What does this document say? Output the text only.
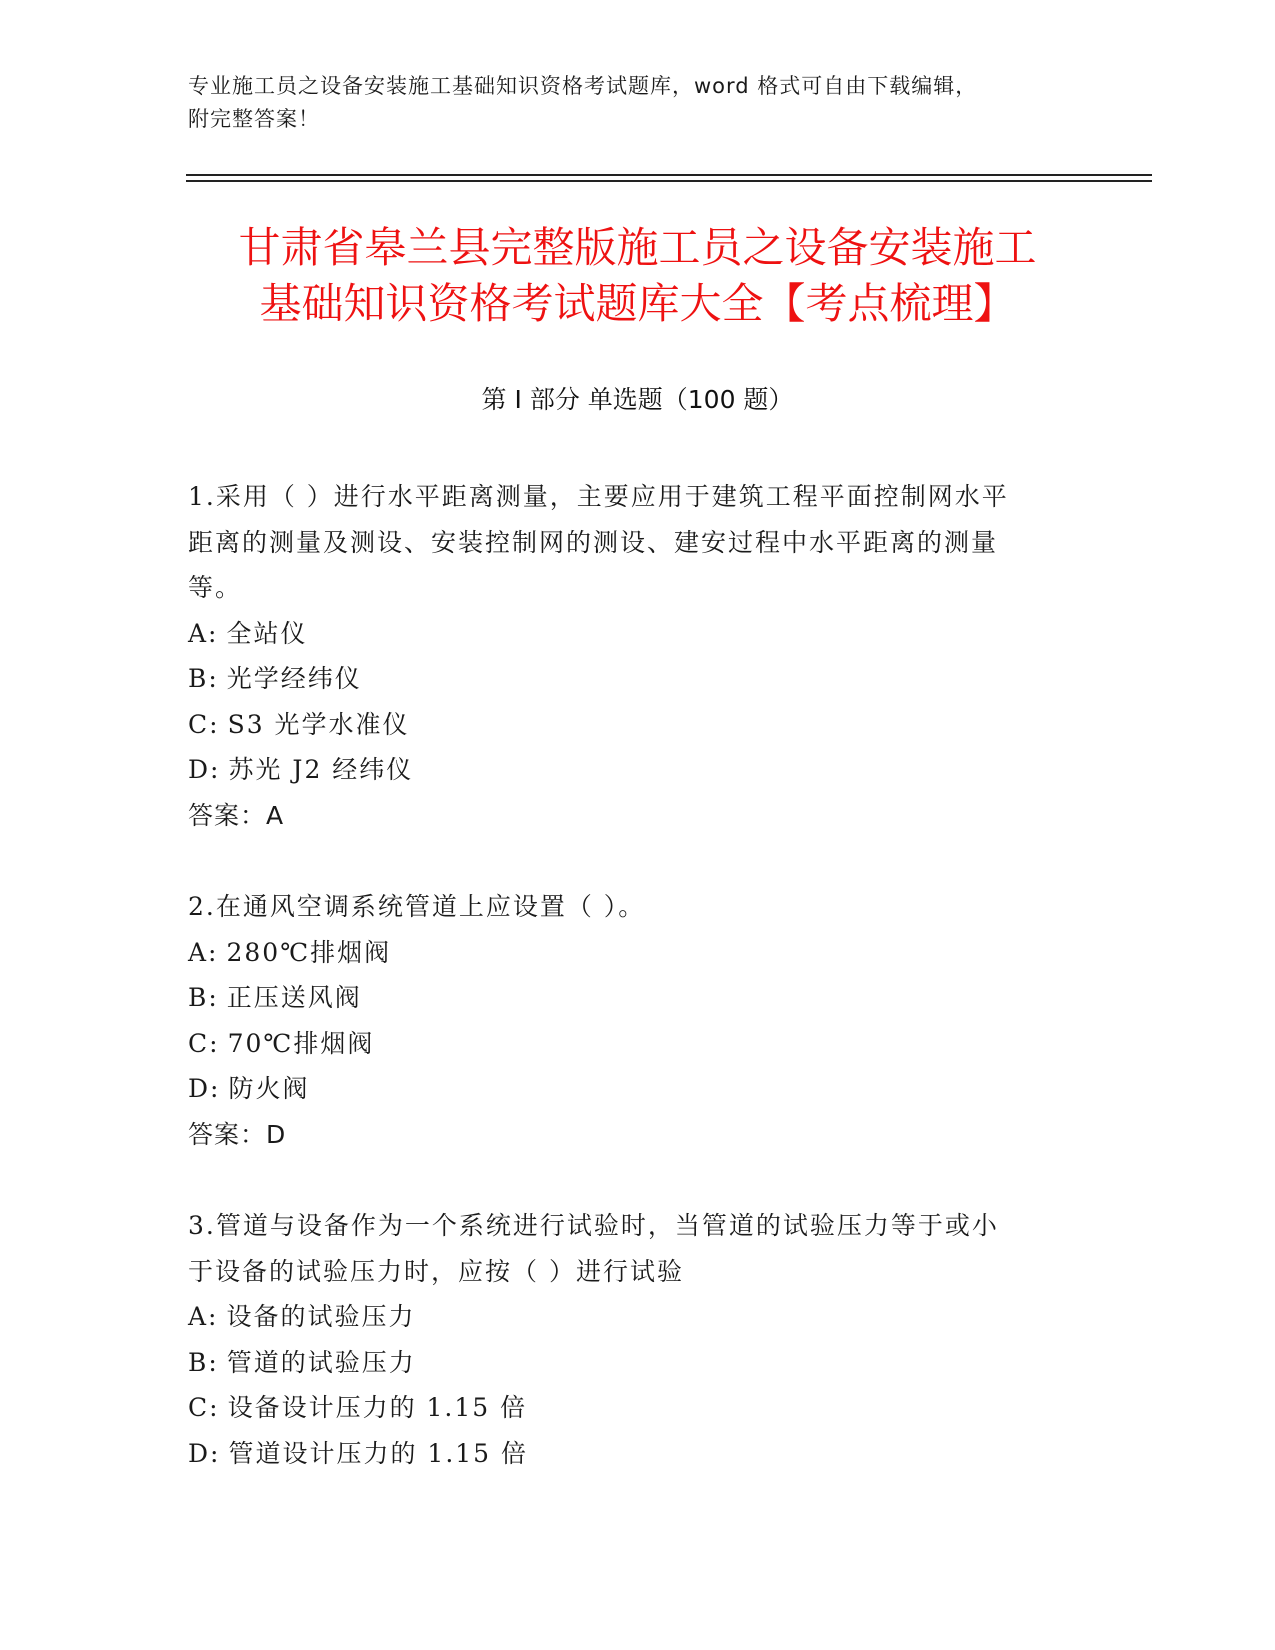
专业施工员之设备安装施工基础知识资格考试题库，word 格式可自由下载编辑，
附完整答案！
甘肃省皋兰县完整版施工员之设备安装施工
基础知识资格考试题库大全【考点梳理】
第 I 部分 单选题（100 题）
1.采用（ ）进行水平距离测量，主要应用于建筑工程平面控制网水平
距离的测量及测设、安装控制网的测设、建安过程中水平距离的测量
等。
A: 全站仪
B: 光学经纬仪
C: S3 光学水准仪
D: 苏光 J2 经纬仪
答案：A
2.在通风空调系统管道上应设置（ ）。
A: 280℃排烟阀
B: 正压送风阀
C: 70℃排烟阀
D: 防火阀
答案：D
3.管道与设备作为一个系统进行试验时，当管道的试验压力等于或小
于设备的试验压力时，应按（ ）进行试验
A: 设备的试验压力
B: 管道的试验压力
C: 设备设计压力的 1.15 倍
D: 管道设计压力的 1.15 倍
